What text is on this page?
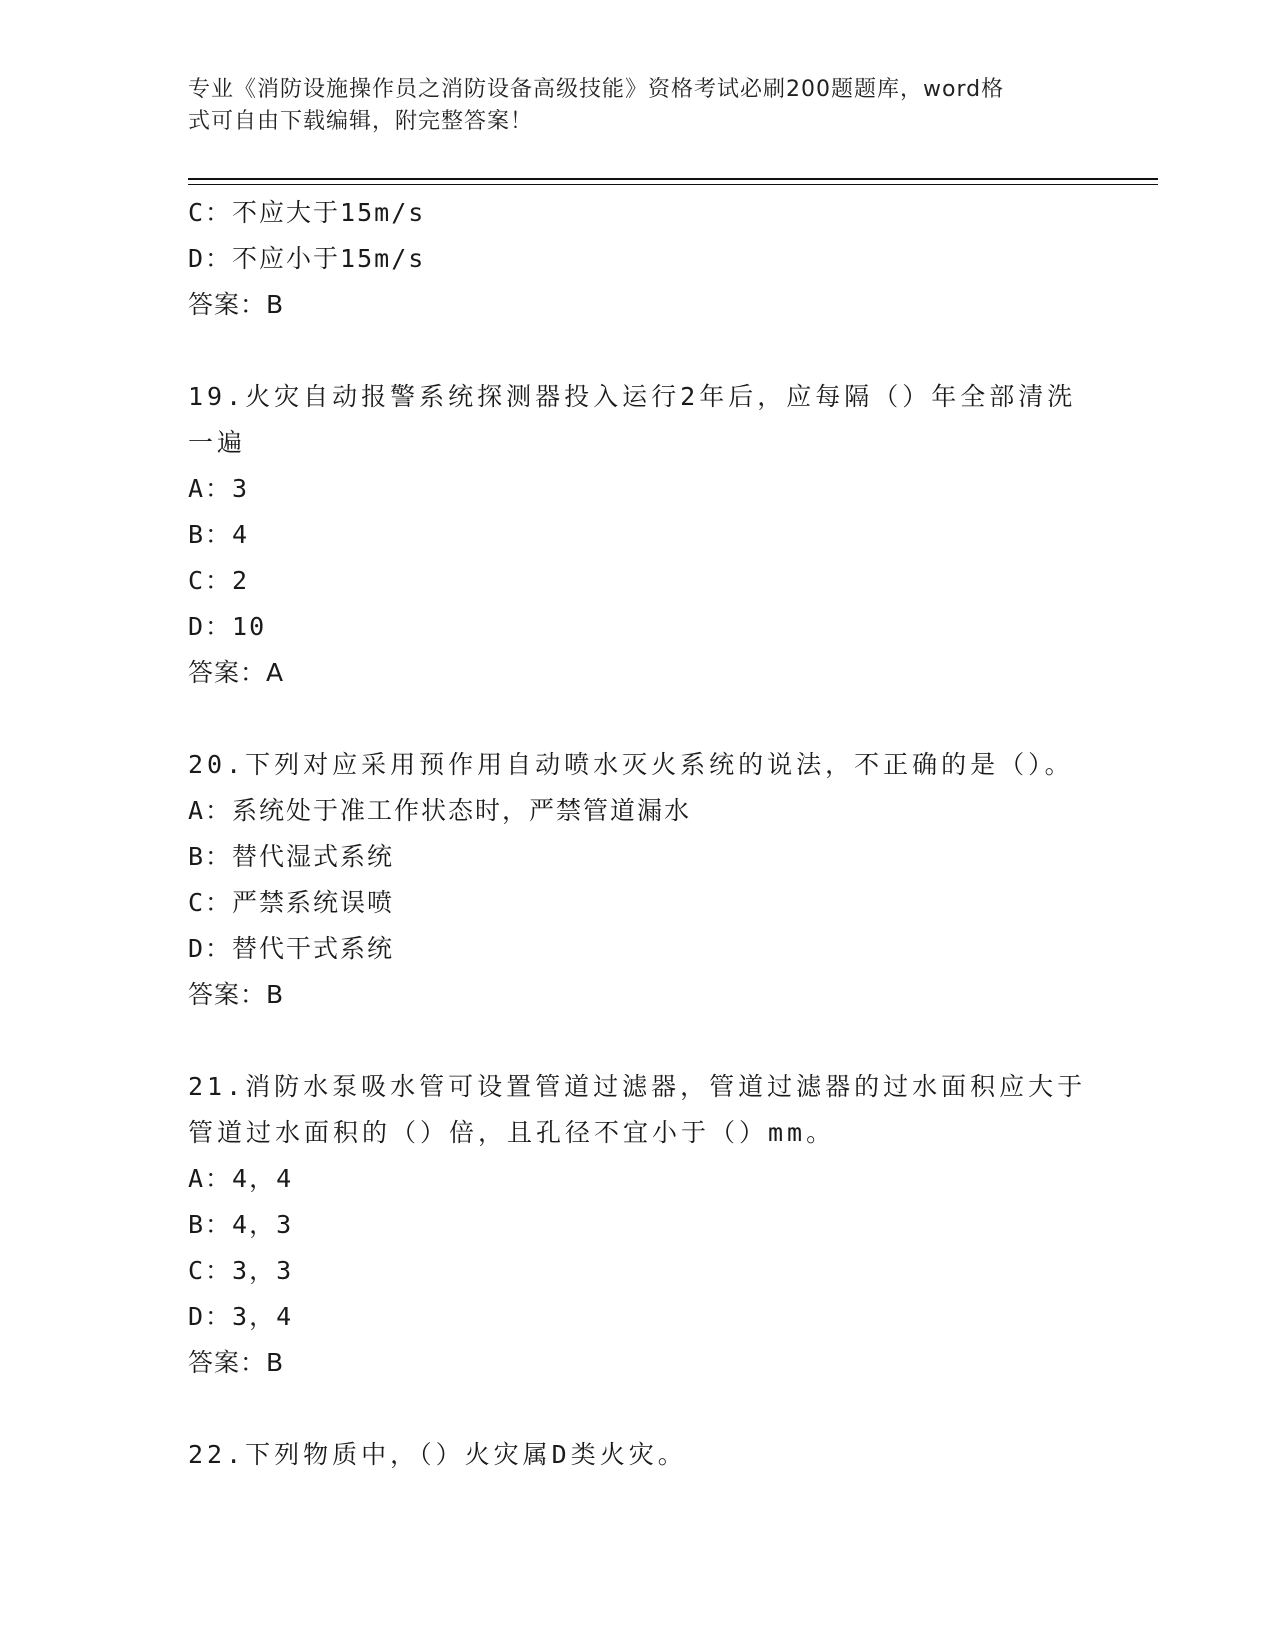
专业《消防设施操作员之消防设备高级技能》资格考试必刷200题题库，word格
式可自由下载编辑，附完整答案！
C：不应大于15m/s
D：不应小于15m/s
答案：B
19.火灾自动报警系统探测器投入运行2年后，应每隔（）年全部清洗
一遍
A：3
B：4
C：2
D：10
答案：A
20.下列对应采用预作用自动喷水灭火系统的说法，不正确的是（）。
A：系统处于准工作状态时，严禁管道漏水
B：替代湿式系统
C：严禁系统误喷
D：替代干式系统
答案：B
21.消防水泵吸水管可设置管道过滤器，管道过滤器的过水面积应大于
管道过水面积的（）倍，且孔径不宜小于（）mm。
A：4，4
B：4，3
C：3，3
D：3，4
答案：B
22.下列物质中，（）火灾属D类火灾。
